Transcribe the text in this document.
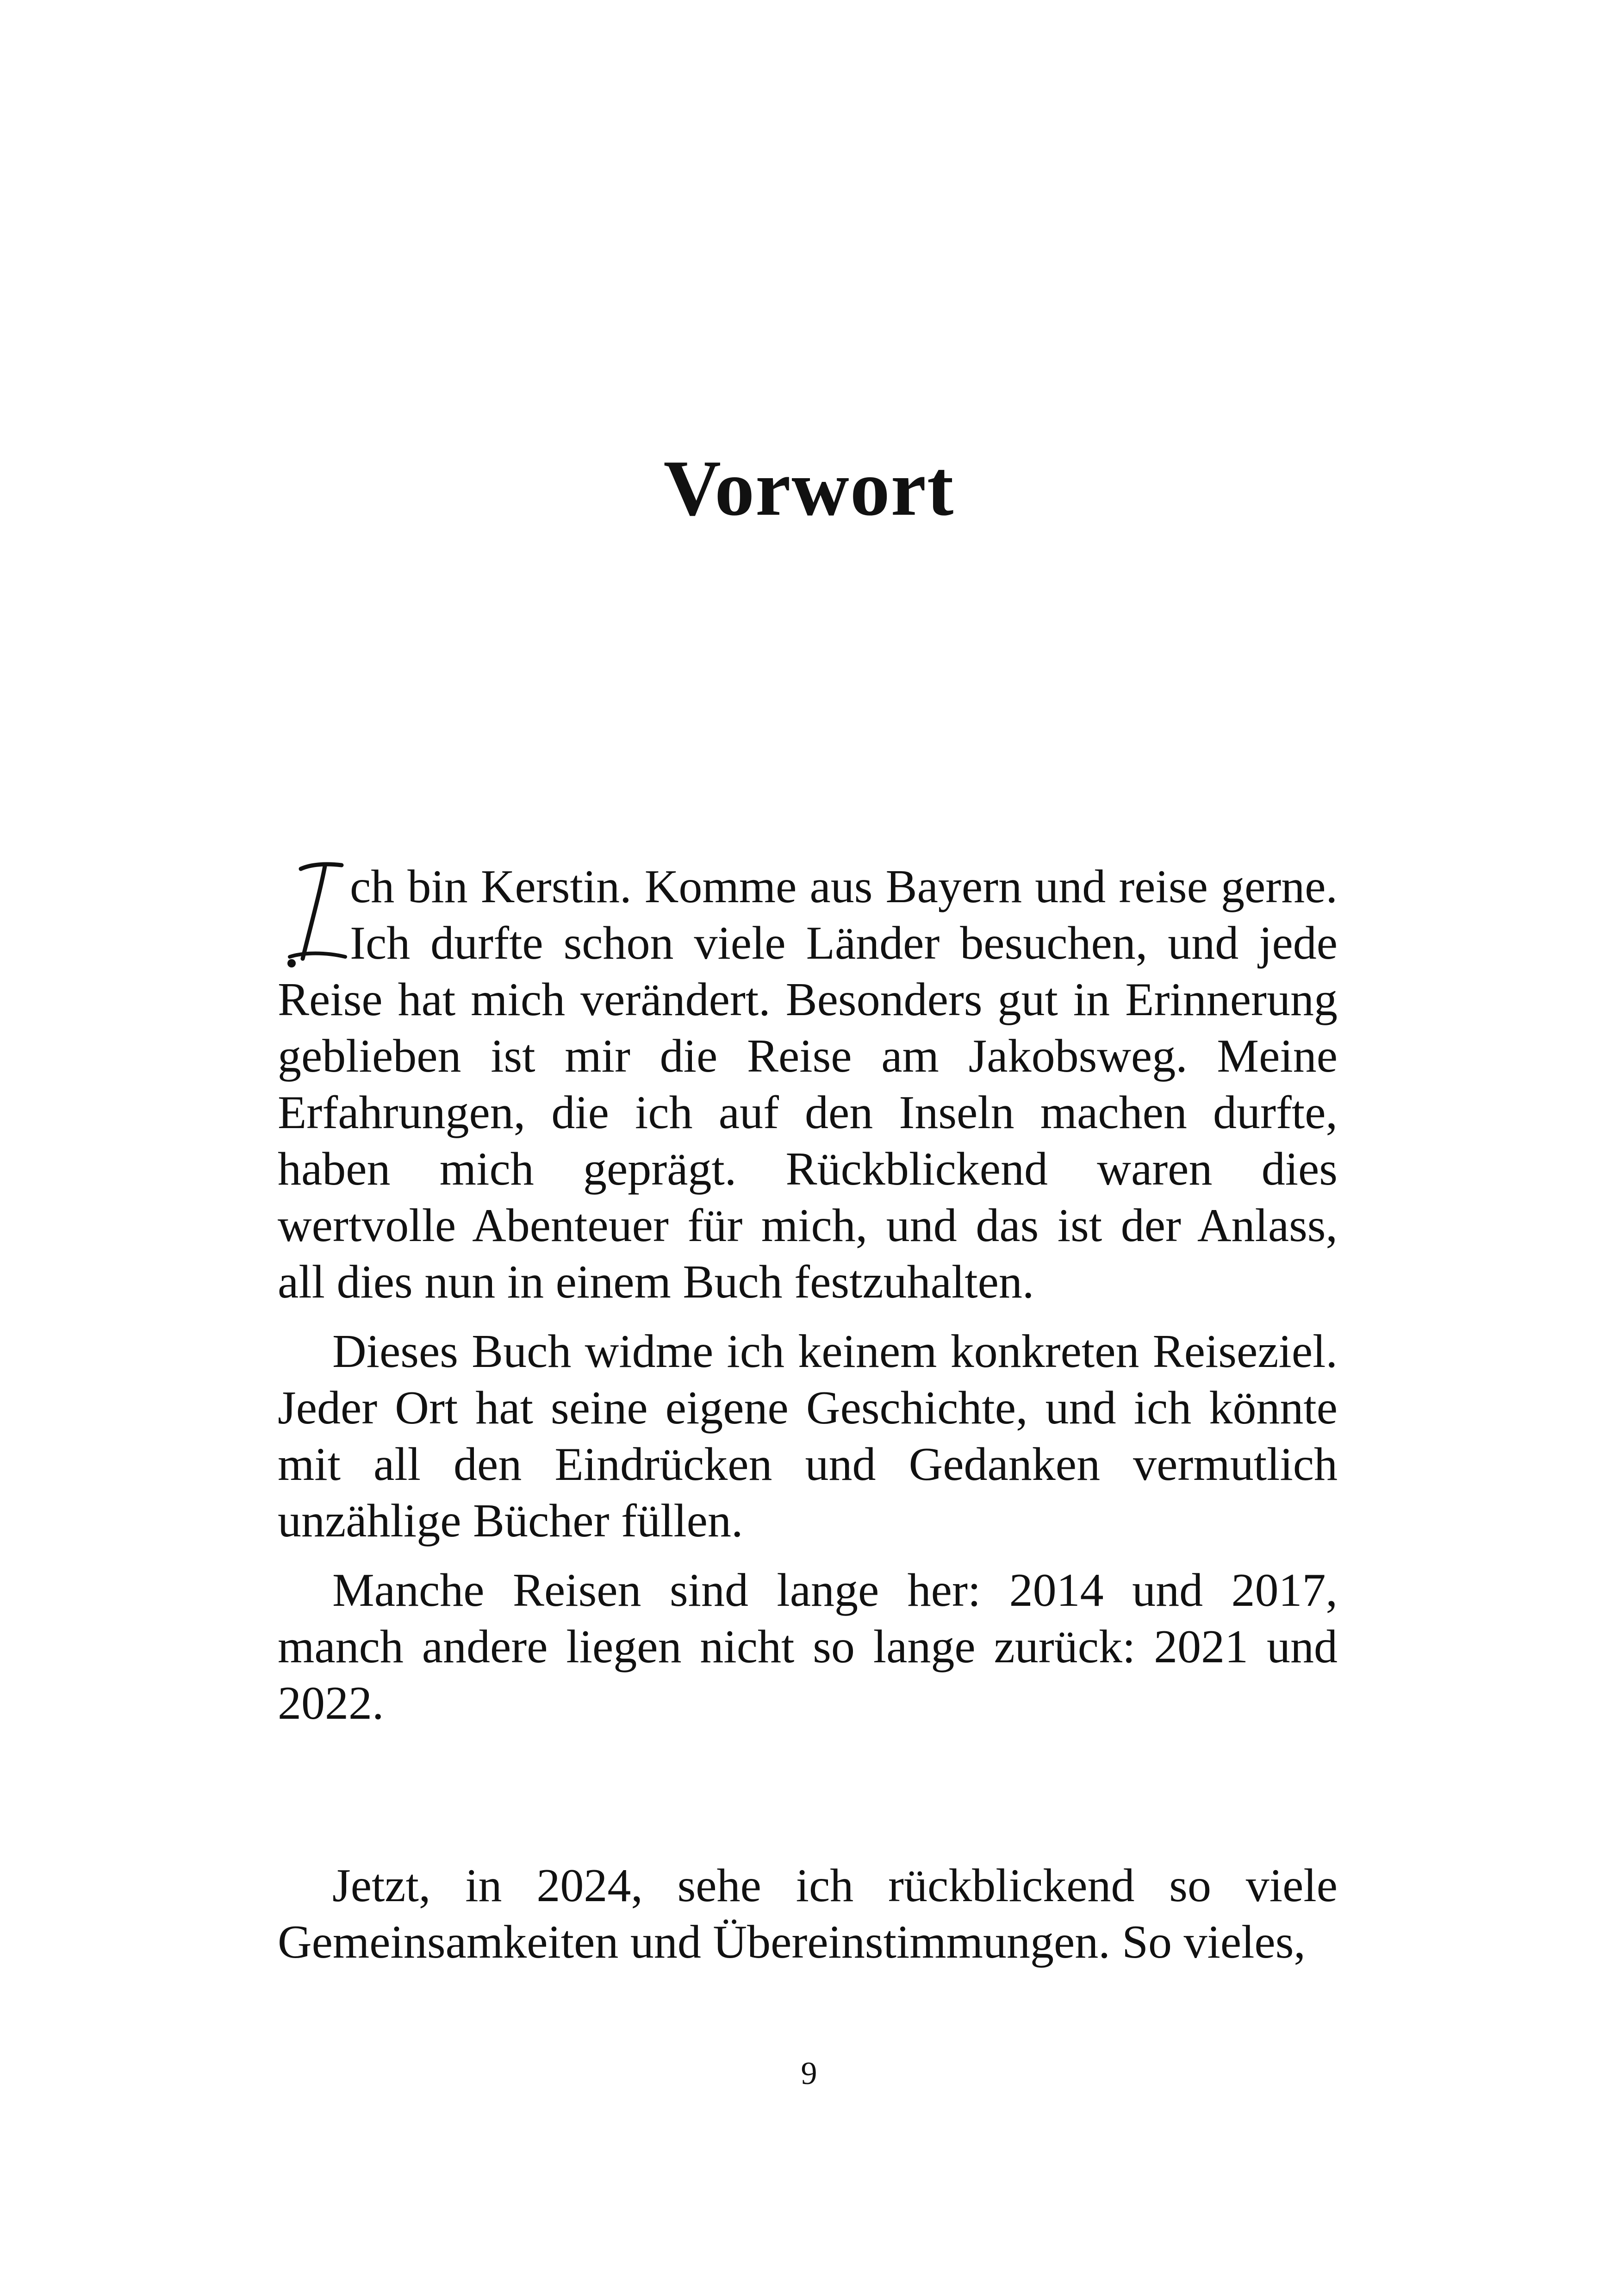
Vorwort

ch bin Kerstin. Komme aus Bayern und reise gerne. Ich durfte schon viele Länder besuchen, und jede Reise hat mich verändert. Besonders gut in Erinnerung geblieben ist mir die Reise am Jakobsweg. Meine Erfahrungen, die ich auf den Inseln machen durfte, haben mich geprägt. Rückblickend waren dies wertvolle Abenteuer für mich, und das ist der Anlass, all dies nun in einem Buch festzuhalten.

Dieses Buch widme ich keinem konkreten Reiseziel. Jeder Ort hat seine eigene Geschichte, und ich könnte mit all den Eindrücken und Gedanken vermutlich unzählige Bücher füllen.

Manche Reisen sind lange her: 2014 und 2017, manch andere liegen nicht so lange zurück: 2021 und 2022.

Jetzt, in 2024, sehe ich rückblickend so viele Gemeinsamkeiten und Übereinstimmungen. So vieles,

9
